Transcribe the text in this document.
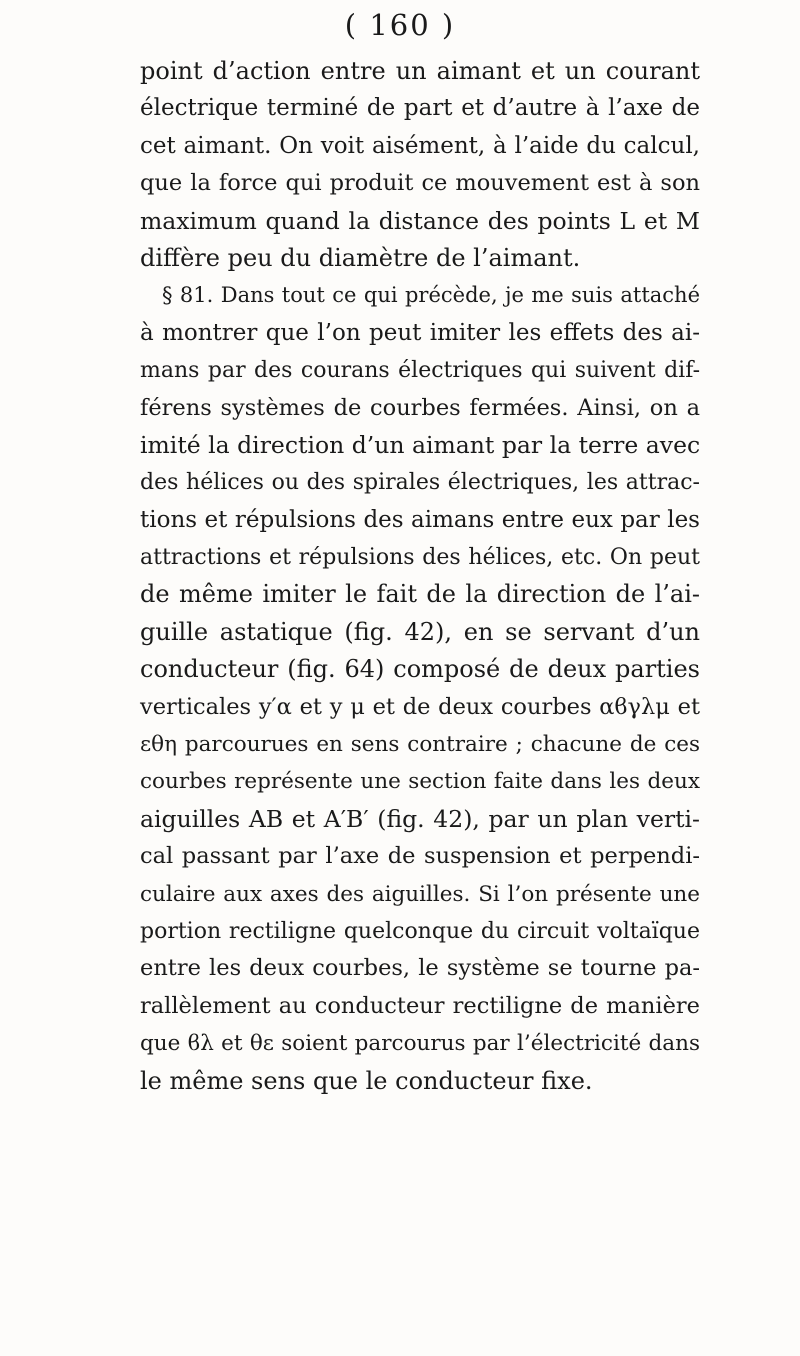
( 160 )
point d’action entre un aimant et un courant
électrique terminé de part et d’autre à l’axe de
cet aimant. On voit aisément, à l’aide du calcul,
que la force qui produit ce mouvement est à son
maximum quand la distance des points L et M
diffère peu du diamètre de l’aimant.
§ 81. Dans tout ce qui précède, je me suis attaché
à montrer que l’on peut imiter les effets des ai-
mans par des courans électriques qui suivent dif-
férens systèmes de courbes fermées. Ainsi, on a
imité la direction d’un aimant par la terre avec
des hélices ou des spirales électriques, les attrac-
tions et répulsions des aimans entre eux par les
attractions et répulsions des hélices, etc. On peut
de même imiter le fait de la direction de l’ai-
guille astatique (fig. 42), en se servant d’un
conducteur (fig. 64) composé de deux parties
verticales y′α et y μ et de deux courbes αϐγλμ et
εθη parcourues en sens contraire ; chacune de ces
courbes représente une section faite dans les deux
aiguilles AB et A′B′ (fig. 42), par un plan verti-
cal passant par l’axe de suspension et perpendi-
culaire aux axes des aiguilles. Si l’on présente une
portion rectiligne quelconque du circuit voltaïque
entre les deux courbes, le système se tourne pa-
rallèlement au conducteur rectiligne de manière
que ϐλ et θε soient parcourus par l’électricité dans
le même sens que le conducteur fixe.
